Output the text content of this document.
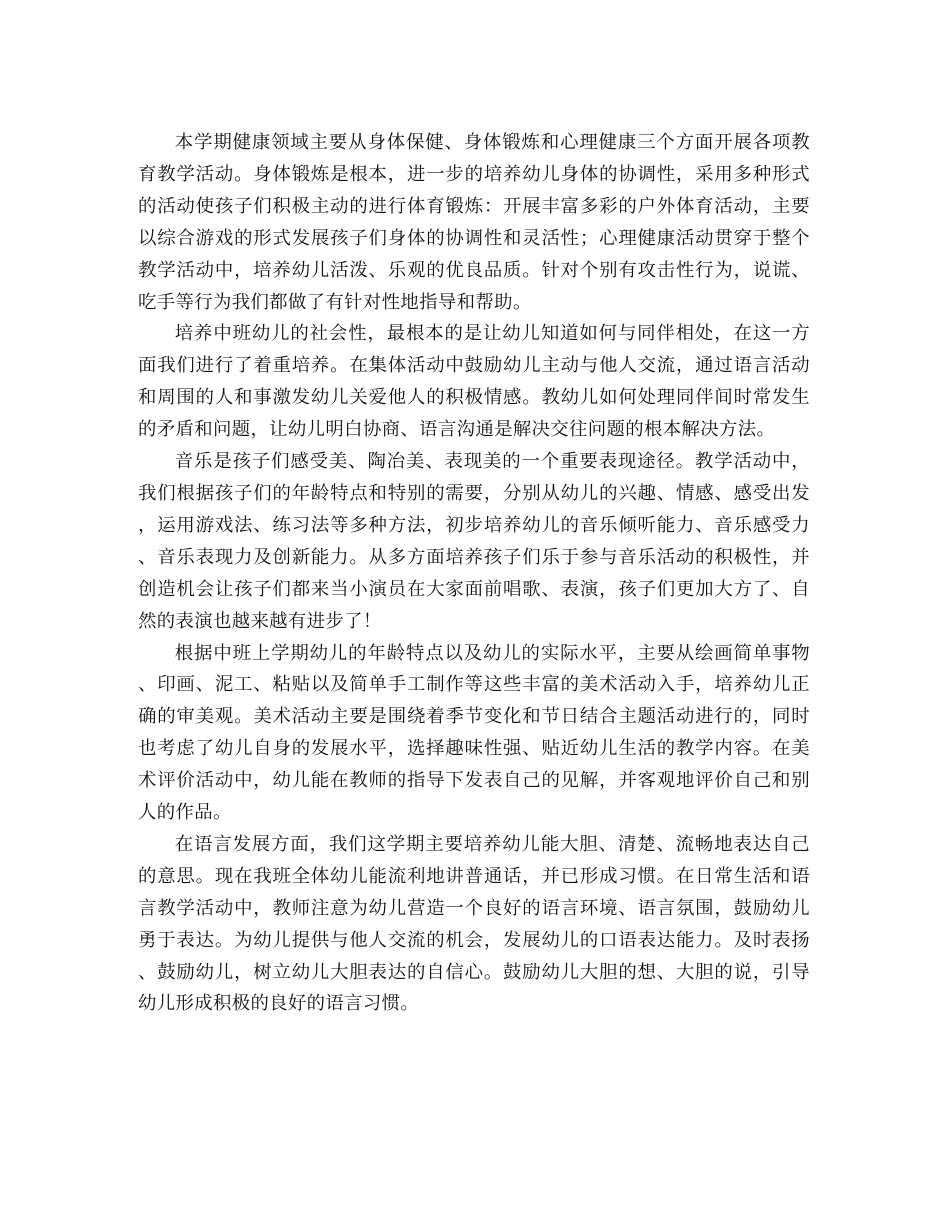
本学期健康领域主要从身体保健、身体锻炼和心理健康三个方面开展各项教育教学活动。身体锻炼是根本，进一步的培养幼儿身体的协调性，采用多种形式的活动使孩子们积极主动的进行体育锻炼：开展丰富多彩的户外体育活动，主要以综合游戏的形式发展孩子们身体的协调性和灵活性；心理健康活动贯穿于整个教学活动中，培养幼儿活泼、乐观的优良品质。针对个别有攻击性行为，说谎、吃手等行为我们都做了有针对性地指导和帮助。

培养中班幼儿的社会性，最根本的是让幼儿知道如何与同伴相处，在这一方面我们进行了着重培养。在集体活动中鼓励幼儿主动与他人交流，通过语言活动和周围的人和事激发幼儿关爱他人的积极情感。教幼儿如何处理同伴间时常发生的矛盾和问题，让幼儿明白协商、语言沟通是解决交往问题的根本解决方法。

音乐是孩子们感受美、陶冶美、表现美的一个重要表现途径。教学活动中，我们根据孩子们的年龄特点和特别的需要，分别从幼儿的兴趣、情感、感受出发，运用游戏法、练习法等多种方法，初步培养幼儿的音乐倾听能力、音乐感受力、音乐表现力及创新能力。从多方面培养孩子们乐于参与音乐活动的积极性，并创造机会让孩子们都来当小演员在大家面前唱歌、表演，孩子们更加大方了、自然的表演也越来越有进步了！

根据中班上学期幼儿的年龄特点以及幼儿的实际水平，主要从绘画简单事物、印画、泥工、粘贴以及简单手工制作等这些丰富的美术活动入手，培养幼儿正确的审美观。美术活动主要是围绕着季节变化和节日结合主题活动进行的，同时也考虑了幼儿自身的发展水平，选择趣味性强、贴近幼儿生活的教学内容。在美术评价活动中，幼儿能在教师的指导下发表自己的见解，并客观地评价自己和别人的作品。

在语言发展方面，我们这学期主要培养幼儿能大胆、清楚、流畅地表达自己的意思。现在我班全体幼儿能流利地讲普通话，并已形成习惯。在日常生活和语言教学活动中，教师注意为幼儿营造一个良好的语言环境、语言氛围，鼓励幼儿勇于表达。为幼儿提供与他人交流的机会，发展幼儿的口语表达能力。及时表扬、鼓励幼儿，树立幼儿大胆表达的自信心。鼓励幼儿大胆的想、大胆的说，引导幼儿形成积极的良好的语言习惯。
